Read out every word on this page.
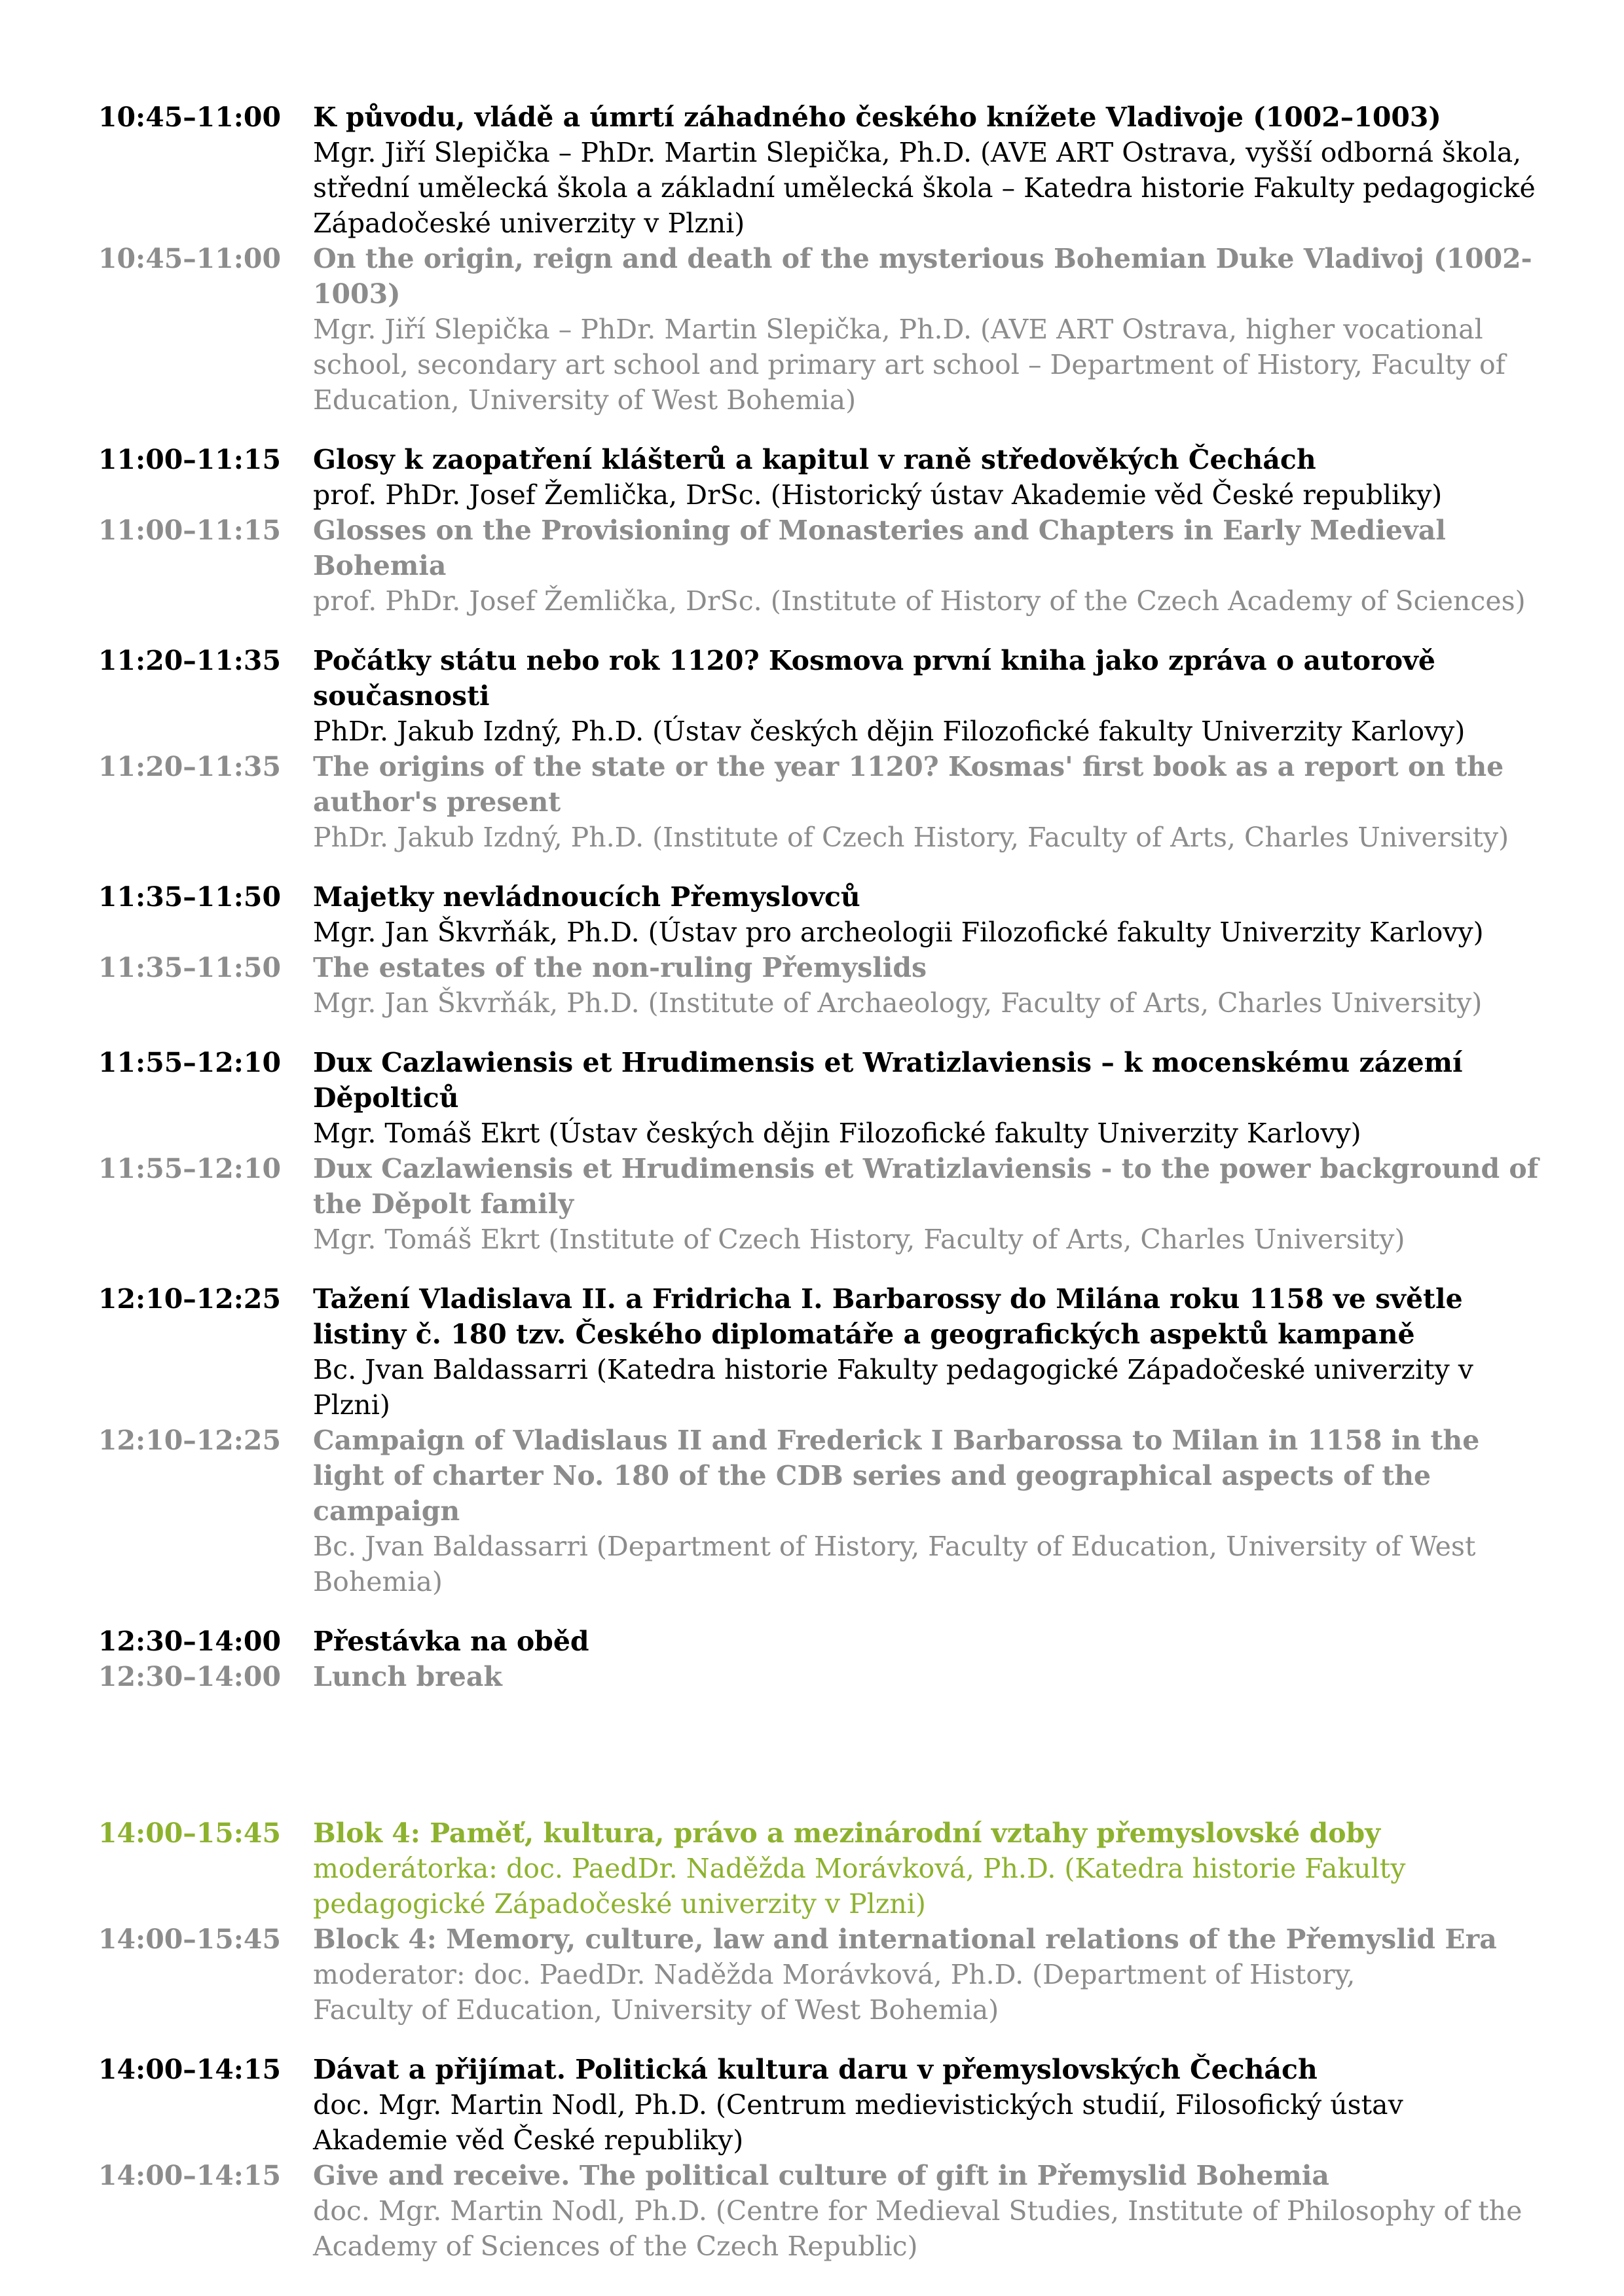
10:45–11:00	K původu, vládě a úmrtí záhadného českého knížete Vladivoje (1002–1003)
Mgr. Jiří Slepička – PhDr. Martin Slepička, Ph.D. (AVE ART Ostrava, vyšší odborná škola, střední umělecká škola a základní umělecká škola – Katedra historie Fakulty pedagogické Západočeské univerzity v Plzni)
10:45–11:00	On the origin, reign and death of the mysterious Bohemian Duke Vladivoj (1002-1003)
Mgr. Jiří Slepička – PhDr. Martin Slepička, Ph.D. (AVE ART Ostrava, higher vocational school, secondary art school and primary art school – Department of History, Faculty of Education, University of West Bohemia)
11:00–11:15	Glosy k zaopatření klášterů a kapitul v raně středověkých Čechách
prof. PhDr. Josef Žemlička, DrSc. (Historický ústav Akademie věd České republiky)
11:00–11:15	Glosses on the Provisioning of Monasteries and Chapters in Early Medieval Bohemia
prof. PhDr. Josef Žemlička, DrSc. (Institute of History of the Czech Academy of Sciences)
11:20–11:35	Počátky státu nebo rok 1120? Kosmova první kniha jako zpráva o autorově současnosti
PhDr. Jakub Izdný, Ph.D. (Ústav českých dějin Filozofické fakulty Univerzity Karlovy)
11:20–11:35	The origins of the state or the year 1120? Kosmas' first book as a report on the author's present
PhDr. Jakub Izdný, Ph.D. (Institute of Czech History, Faculty of Arts, Charles University)
11:35–11:50	Majetky nevládnoucích Přemyslovců
Mgr. Jan Škvrňák, Ph.D. (Ústav pro archeologii Filozofické fakulty Univerzity Karlovy)
11:35–11:50	The estates of the non-ruling Přemyslids
Mgr. Jan Škvrňák, Ph.D. (Institute of Archaeology, Faculty of Arts, Charles University)
11:55–12:10	Dux Cazlawiensis et Hrudimensis et Wratizlaviensis – k mocenskému zázemí Děpolticů
Mgr. Tomáš Ekrt (Ústav českých dějin Filozofické fakulty Univerzity Karlovy)
11:55–12:10	Dux Cazlawiensis et Hrudimensis et Wratizlaviensis - to the power background of the Děpolt family
Mgr. Tomáš Ekrt (Institute of Czech History, Faculty of Arts, Charles University)
12:10–12:25	Tažení Vladislava II. a Fridricha I. Barbarossy do Milána roku 1158 ve světle listiny č. 180 tzv. Českého diplomatáře a geografických aspektů kampaně
Bc. Jvan Baldassarri (Katedra historie Fakulty pedagogické Západočeské univerzity v Plzni)
12:10–12:25	Campaign of Vladislaus II and Frederick I Barbarossa to Milan in 1158 in the light of charter No. 180 of the CDB series and geographical aspects of the campaign
Bc. Jvan Baldassarri (Department of History, Faculty of Education, University of West Bohemia)
12:30–14:00	Přestávka na oběd
12:30–14:00	Lunch break
14:00–15:45	Blok 4: Paměť, kultura, právo a mezinárodní vztahy přemyslovské doby
moderátorka: doc. PaedDr. Naděžda Morávková, Ph.D. (Katedra historie Fakulty pedagogické Západočeské univerzity v Plzni)
14:00–15:45	Block 4: Memory, culture, law and international relations of the Přemyslid Era
moderator: doc. PaedDr. Naděžda Morávková, Ph.D. (Department of History,
Faculty of Education, University of West Bohemia)
14:00–14:15	Dávat a přijímat. Politická kultura daru v přemyslovských Čechách
doc. Mgr. Martin Nodl, Ph.D. (Centrum medievistických studií, Filosofický ústav Akademie věd České republiky)
14:00–14:15	Give and receive. The political culture of gift in Přemyslid Bohemia
doc. Mgr. Martin Nodl, Ph.D. (Centre for Medieval Studies, Institute of Philosophy of the Academy of Sciences of the Czech Republic)
